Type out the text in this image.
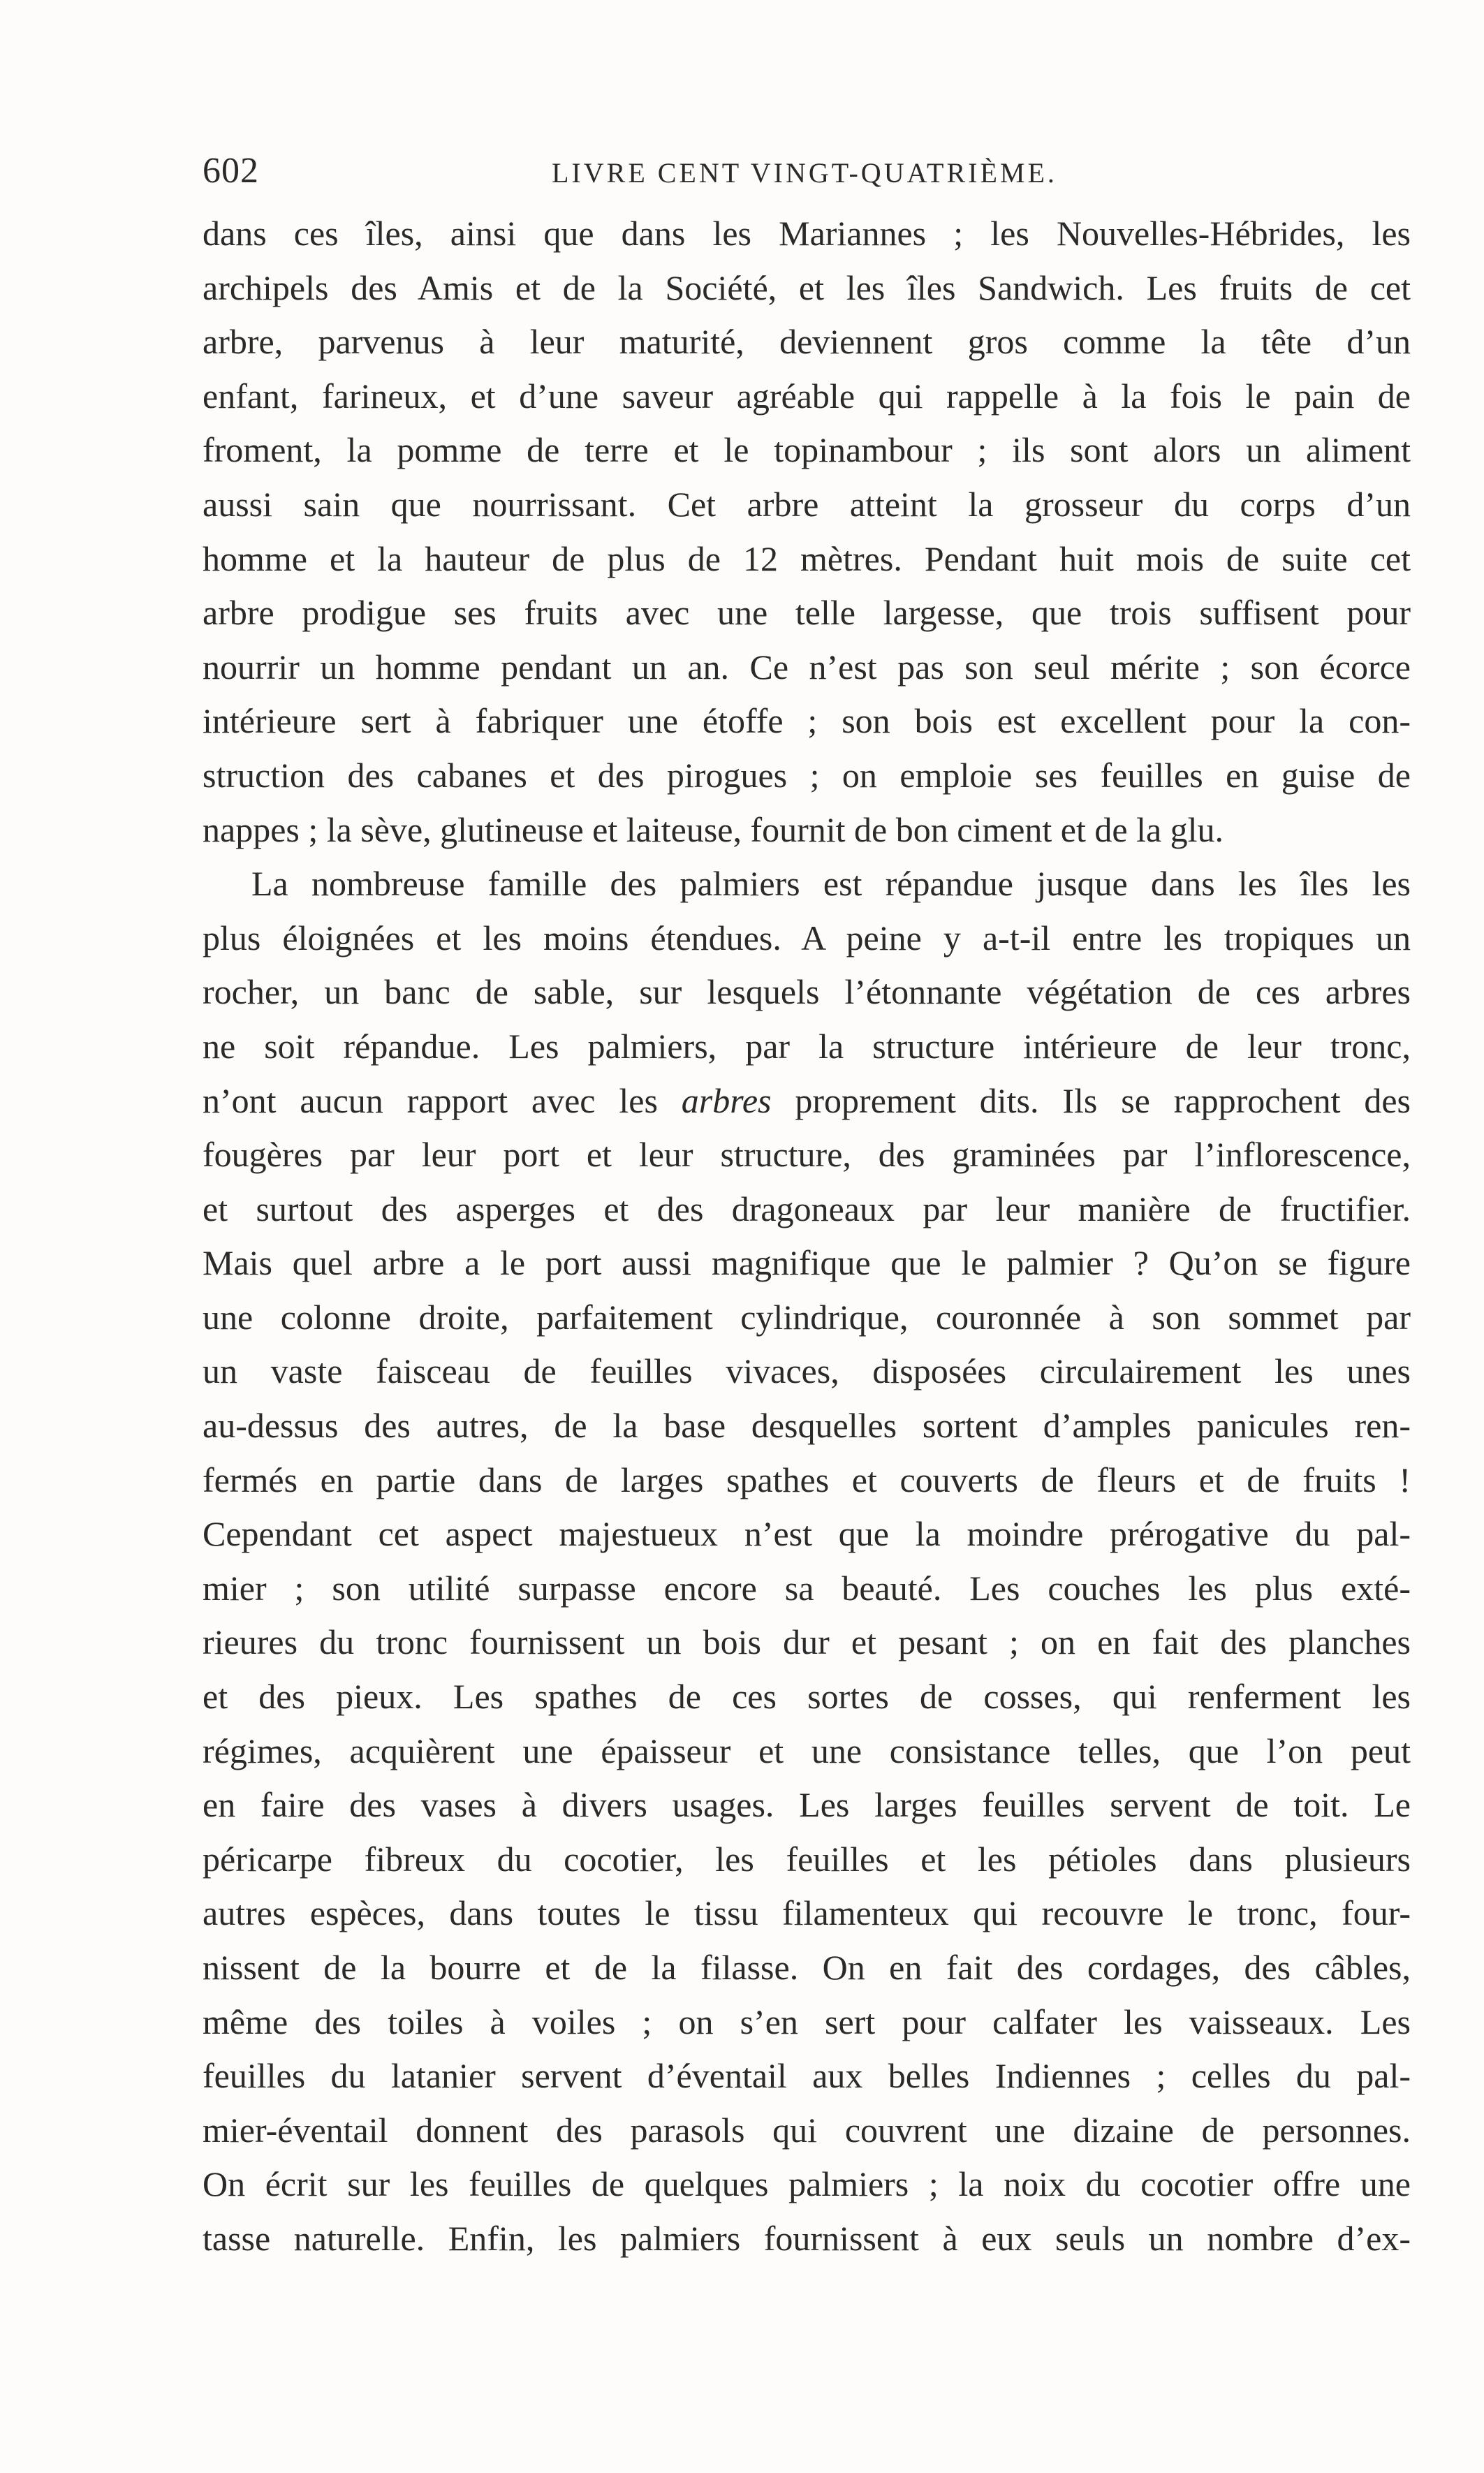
602	LIVRE CENT VINGT-QUATRIÈME.
dans ces îles, ainsi que dans les Mariannes ; les Nouvelles-Hébrides, les
archipels des Amis et de la Société, et les îles Sandwich. Les fruits de cet
arbre, parvenus à leur maturité, deviennent gros comme la tête d’un
enfant, farineux, et d’une saveur agréable qui rappelle à la fois le pain de
froment, la pomme de terre et le topinambour ; ils sont alors un aliment
aussi sain que nourrissant. Cet arbre atteint la grosseur du corps d’un
homme et la hauteur de plus de 12 mètres. Pendant huit mois de suite cet
arbre prodigue ses fruits avec une telle largesse, que trois suffisent pour
nourrir un homme pendant un an. Ce n’est pas son seul mérite ; son écorce
intérieure sert à fabriquer une étoffe ; son bois est excellent pour la con-
struction des cabanes et des pirogues ; on emploie ses feuilles en guise de
nappes ; la sève, glutineuse et laiteuse, fournit de bon ciment et de la glu.
La nombreuse famille des palmiers est répandue jusque dans les îles les
plus éloignées et les moins étendues. A peine y a-t-il entre les tropiques un
rocher, un banc de sable, sur lesquels l’étonnante végétation de ces arbres
ne soit répandue. Les palmiers, par la structure intérieure de leur tronc,
n’ont aucun rapport avec les arbres proprement dits. Ils se rapprochent des
fougères par leur port et leur structure, des graminées par l’inflorescence,
et surtout des asperges et des dragoneaux par leur manière de fructifier.
Mais quel arbre a le port aussi magnifique que le palmier ? Qu’on se figure
une colonne droite, parfaitement cylindrique, couronnée à son sommet par
un vaste faisceau de feuilles vivaces, disposées circulairement les unes
au-dessus des autres, de la base desquelles sortent d’amples panicules ren-
fermés en partie dans de larges spathes et couverts de fleurs et de fruits !
Cependant cet aspect majestueux n’est que la moindre prérogative du pal-
mier ; son utilité surpasse encore sa beauté. Les couches les plus exté-
rieures du tronc fournissent un bois dur et pesant ; on en fait des planches
et des pieux. Les spathes de ces sortes de cosses, qui renferment les
régimes, acquièrent une épaisseur et une consistance telles, que l’on peut
en faire des vases à divers usages. Les larges feuilles servent de toit. Le
péricarpe fibreux du cocotier, les feuilles et les pétioles dans plusieurs
autres espèces, dans toutes le tissu filamenteux qui recouvre le tronc, four-
nissent de la bourre et de la filasse. On en fait des cordages, des câbles,
même des toiles à voiles ; on s’en sert pour calfater les vaisseaux. Les
feuilles du latanier servent d’éventail aux belles Indiennes ; celles du pal-
mier-éventail donnent des parasols qui couvrent une dizaine de personnes.
On écrit sur les feuilles de quelques palmiers ; la noix du cocotier offre une
tasse naturelle. Enfin, les palmiers fournissent à eux seuls un nombre d’ex-
